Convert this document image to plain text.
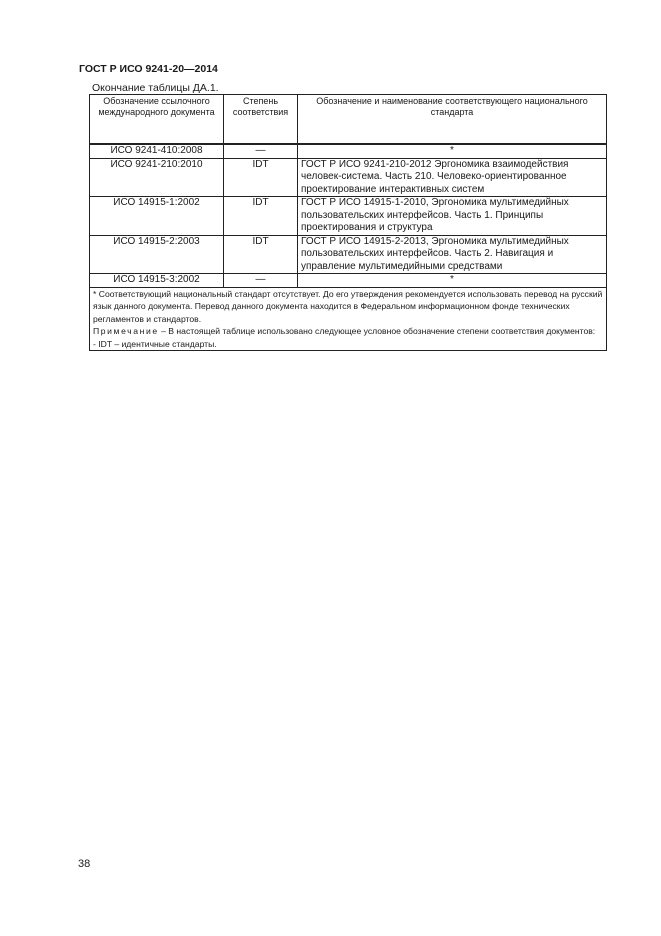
ГОСТ Р ИСО 9241-20—2014
Окончание таблицы ДА.1.
Обозначение ссылочного международного документа	Степень соответствия	Обозначение и наименование соответствующего национального стандарта
ИСО 9241-410:2008	—	*
ИСО 9241-210:2010	IDT	ГОСТ Р ИСО 9241-210-2012 Эргономика взаимодействия человек-система. Часть 210. Человеко-ориентированное проектирование интерактивных систем
ИСО 14915-1:2002	IDT	ГОСТ Р ИСО 14915-1-2010, Эргономика мультимедийных пользовательских интерфейсов. Часть 1. Принципы проектирования и структура
ИСО 14915-2:2003	IDT	ГОСТ Р ИСО 14915-2-2013, Эргономика мультимедийных пользовательских интерфейсов. Часть 2. Навигация и управление мультимедийными средствами
ИСО 14915-3:2002	—	*

* Соответствующий национальный стандарт отсутствует. До его утверждения рекомендуется использовать перевод на русский язык данного документа. Перевод данного документа находится в Федеральном информационном фонде технических регламентов и стандартов.
Примечание – В настоящей таблице использовано следующее условное обозначение степени соответствия документов:
- IDT – идентичные стандарты.		
38
